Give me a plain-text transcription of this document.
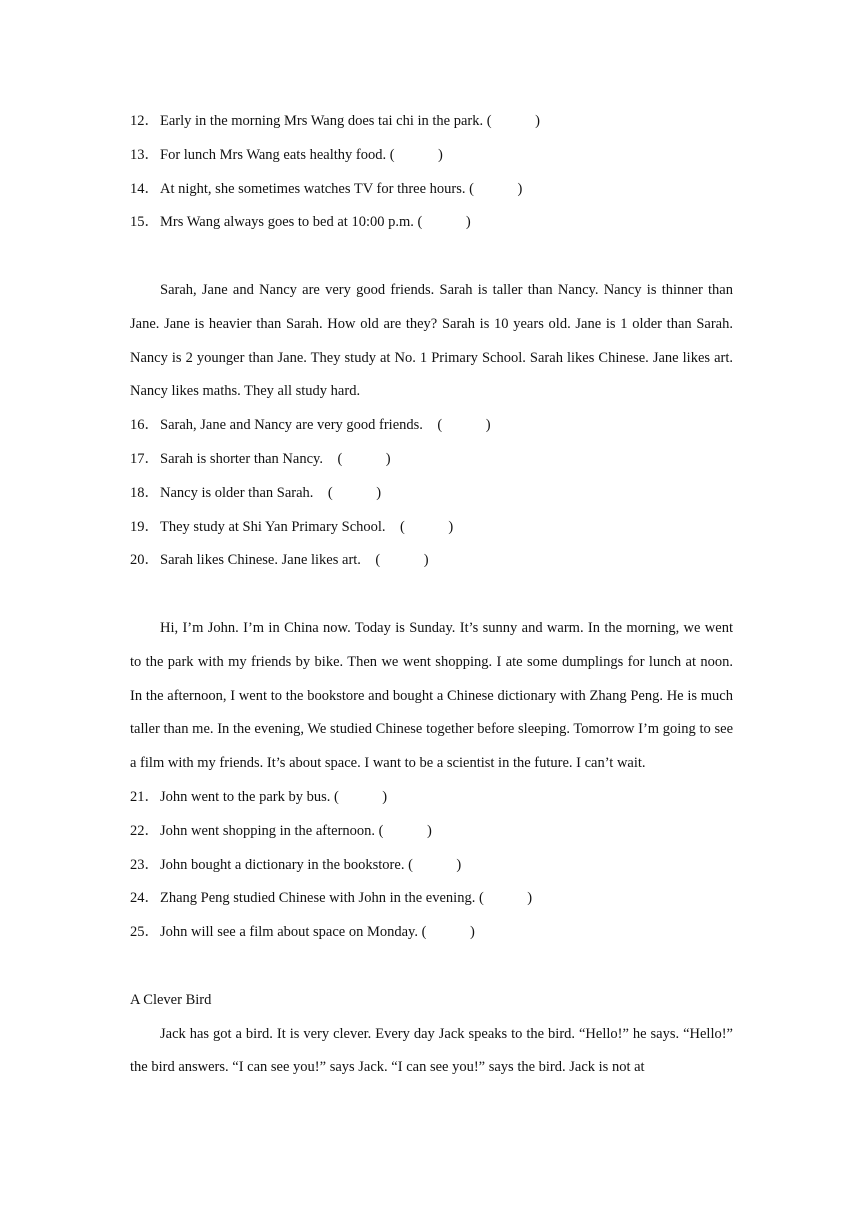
12．Early in the morning Mrs Wang does tai chi in the park. (            )
13．For lunch Mrs Wang eats healthy food. (            )
14．At night, she sometimes watches TV for three hours. (            )
15．Mrs Wang always goes to bed at 10:00 p.m. (            )

Sarah, Jane and Nancy are very good friends. Sarah is taller than Nancy. Nancy is thinner than Jane. Jane is heavier than Sarah. How old are they? Sarah is 10 years old. Jane is 1 older than Sarah. Nancy is 2 younger than Jane. They study at No. 1 Primary School. Sarah likes Chinese. Jane likes art. Nancy likes maths. They all study hard.

16．Sarah, Jane and Nancy are very good friends.    (            )
17．Sarah is shorter than Nancy.    (            )
18．Nancy is older than Sarah.    (            )
19．They study at Shi Yan Primary School.    (            )
20．Sarah likes Chinese. Jane likes art.    (            )

Hi, I’m John. I’m in China now. Today is Sunday. It’s sunny and warm. In the morning, we went to the park with my friends by bike. Then we went shopping. I ate some dumplings for lunch at noon. In the afternoon, I went to the bookstore and bought a Chinese dictionary with Zhang Peng. He is much taller than me. In the evening, We studied Chinese together before sleeping. Tomorrow I’m going to see a film with my friends. It’s about space. I want to be a scientist in the future. I can’t wait.

21．John went to the park by bus. (            )
22．John went shopping in the afternoon. (            )
23．John bought a dictionary in the bookstore. (            )
24．Zhang Peng studied Chinese with John in the evening. (            )
25．John will see a film about space on Monday. (            )
A Clever Bird

Jack has got a bird. It is very clever. Every day Jack speaks to the bird. “Hello!” he says. “Hello!” the bird answers. “I can see you!” says Jack. “I can see you!” says the bird. Jack is not at
